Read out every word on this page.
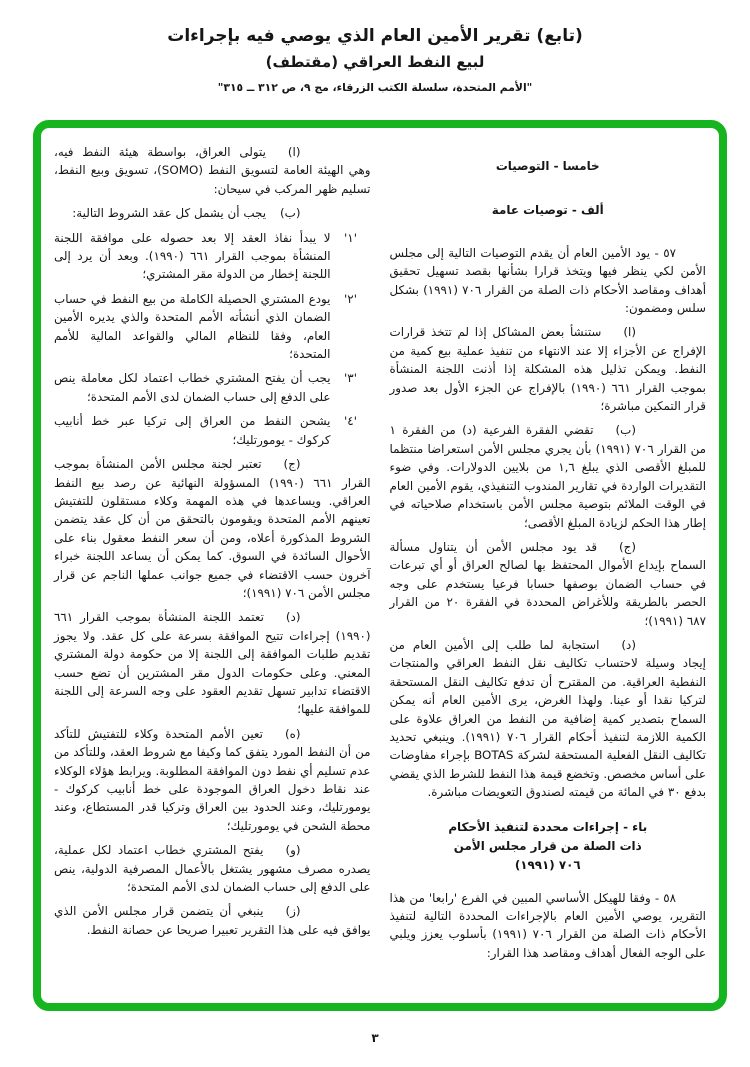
(تابع) تقرير الأمين العام الذي يوصي فيه بإجراءات
لبيع النفط العراقي (مقتطف)
"الأمم المتحدة، سلسلة الكتب الزرقاء، مج ٩، ص ٣١٢ ــ ٣١٥"
خامسا - التوصيات
ألف - توصيات عامة

٥٧ - يود الأمين العام أن يقدم التوصيات التالية إلى مجلس الأمن لكي ينظر فيها ويتخذ قرارا بشأنها بقصد تسهيل تحقيق أهداف ومقاصد الأحكام ذات الصلة من القرار ٧٠٦ (١٩٩١) بشكل سلس ومضمون:

(ا)ستنشأ بعض المشاكل إذا لم تتخذ قرارات الإفراج عن الأجزاء إلا عند الانتهاء من تنفيذ عملية بيع كمية من النفط. ويمكن تذليل هذه المشكلة إذا أذنت اللجنة المنشأة بموجب القرار ٦٦١ (١٩٩٠) بالإفراج عن الجزء الأول بعد صدور قرار التمكين مباشرة؛

(ب)تقضي الفقرة الفرعية (د) من الفقرة ١ من القرار ٧٠٦ (١٩٩١) بأن يجري مجلس الأمن استعراضا منتظما للمبلغ الأقصى الذي يبلغ ١,٦ من بلايين الدولارات. وفي ضوء التقديرات الواردة في تقارير المندوب التنفيذي، يقوم الأمين العام في الوقت الملائم بتوصية مجلس الأمن باستخدام صلاحياته في إطار هذا الحكم لزيادة المبلغ الأقصى؛

(ج)قد يود مجلس الأمن أن يتناول مسألة السماح بإيداع الأموال المحتفظ بها لصالح العراق أو أي تبرعات في حساب الضمان بوصفها حسابا فرعيا يستخدم على وجه الحصر بالطريقة وللأغراض المحددة في الفقرة ٢٠ من القرار ٦٨٧ (١٩٩١)؛

(د)استجابة لما طلب إلى الأمين العام من إيجاد وسيلة لاحتساب تكاليف نقل النفط العراقي والمنتجات النفطية العراقية. من المقترح أن تدفع تكاليف النقل المستحقة لتركيا نقدا أو عينا. ولهذا الغرض، يرى الأمين العام أنه يمكن السماح بتصدير كمية إضافية من النفط من العراق علاوة على الكمية اللازمة لتنفيذ أحكام القرار ٧٠٦ (١٩٩١). وينبغي تحديد تكاليف النقل الفعلية المستحقة لشركة BOTAS بإجراء مفاوضات على أساس مخصص. وتخضع قيمة هذا النفط للشرط الذي يقضي بدفع ٣٠ في المائة من قيمته لصندوق التعويضات مباشرة.

باء - إجراءات محددة لتنفيذ الأحكام
ذات الصلة من قرار مجلس الأمن
٧٠٦ (١٩٩١)

٥٨ - وفقا للهيكل الأساسي المبين في الفرع 'رابعا' من هذا التقرير، يوصي الأمين العام بالإجراءات المحددة التالية لتنفيذ الأحكام ذات الصلة من القرار ٧٠٦ (١٩٩١) بأسلوب يعزز ويلبي على الوجه الفعال أهداف ومقاصد هذا القرار:

(ا)يتولى العراق، بواسطة هيئة النفط فيه، وهي الهيئة العامة لتسويق النفط (SOMO)، تسويق وبيع النفط، تسليم ظهر المركب في سيحان:

(ب)يجب أن يشمل كل عقد الشروط التالية:

'١'
لا يبدأ نفاذ العقد إلا بعد حصوله على موافقة اللجنة المنشأة بموجب القرار ٦٦١ (١٩٩٠). وبعد أن يرد إلى اللجنة إخطار من الدولة مقر المشتري؛
'٢'
يودع المشتري الحصيلة الكاملة من بيع النفط في حساب الضمان الذي أنشأته الأمم المتحدة والذي يديره الأمين العام، وفقا للنظام المالي والقواعد المالية للأمم المتحدة؛
'٣'
يجب أن يفتح المشتري خطاب اعتماد لكل معاملة ينص على الدفع إلى حساب الضمان لدى الأمم المتحدة؛
'٤'
يشحن النفط من العراق إلى تركيا عبر خط أنابيب كركوك - يومورتليك؛

(ج)تعتبر لجنة مجلس الأمن المنشأة بموجب القرار ٦٦١ (١٩٩٠) المسؤولة النهائية عن رصد بيع النفط العراقي. ويساعدها في هذه المهمة وكلاء مستقلون للتفتيش تعينهم الأمم المتحدة ويقومون بالتحقق من أن كل عقد يتضمن الشروط المذكورة أعلاه، ومن أن سعر النفط معقول بناء على الأحوال السائدة في السوق. كما يمكن أن يساعد اللجنة خبراء آخرون حسب الاقتضاء في جميع جوانب عملها الناجم عن قرار مجلس الأمن ٧٠٦ (١٩٩١)؛

(د)تعتمد اللجنة المنشأة بموجب القرار ٦٦١ (١٩٩٠) إجراءات تتيح الموافقة بسرعة على كل عقد. ولا يجوز تقديم طلبات الموافقة إلى اللجنة إلا من حكومة دولة المشتري المعني. وعلى حكومات الدول مقر المشترين أن تضع حسب الاقتضاء تدابير تسهل تقديم العقود على وجه السرعة إلى اللجنة للموافقة عليها؛

(ه)تعين الأمم المتحدة وكلاء للتفتيش للتأكد من أن النفط المورد يتفق كما وكيفا مع شروط العقد، وللتأكد من عدم تسليم أي نفط دون الموافقة المطلوبة. ويرابط هؤلاء الوكلاء عند نقاط دخول العراق الموجودة على خط أنابيب كركوك - يومورتليك، وعند الحدود بين العراق وتركيا قدر المستطاع، وعند محطة الشحن في يومورتليك؛

(و)يفتح المشتري خطاب اعتماد لكل عملية، يصدره مصرف مشهور يشتغل بالأعمال المصرفية الدولية، ينص على الدفع إلى حساب الضمان لدى الأمم المتحدة؛

(ز)ينبغي أن يتضمن قرار مجلس الأمن الذي يوافق فيه على هذا التقرير تعبيرا صريحا عن حصانة النفط.

٣
